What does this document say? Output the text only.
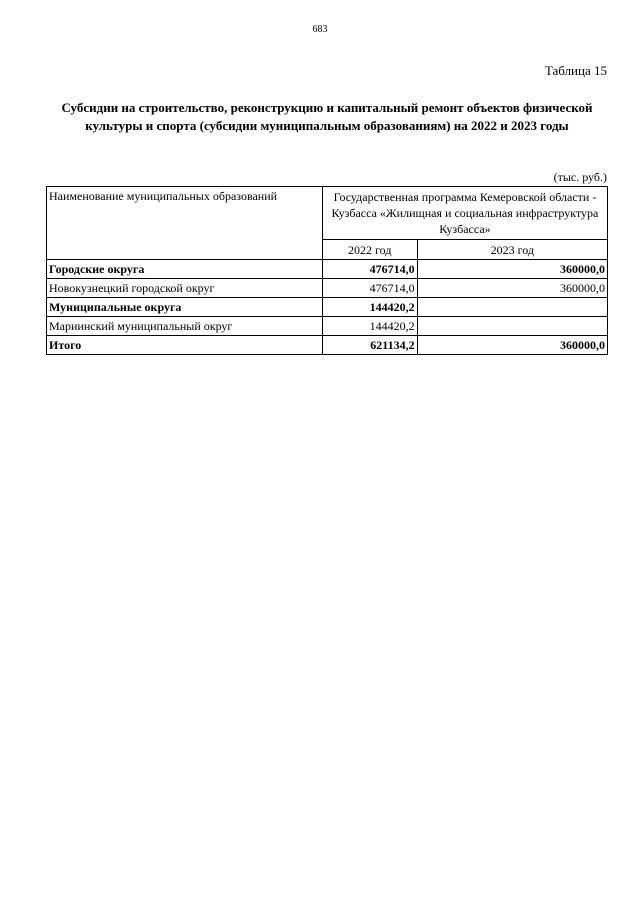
683
Таблица 15
Субсидии на строительство, реконструкцию и капитальный ремонт объектов физической культуры и спорта (субсидии муниципальным образованиям) на 2022 и 2023 годы
(тыс. руб.)
Наименование муниципальных образований	Государственная программа Кемеровской области - Кузбасса «Жилищная и социальная инфраструктура Кузбасса»	
	2022 год	2023 год
Городские округа	476714,0	360000,0
Новокузнецкий городской округ	476714,0	360000,0
Муниципальные округа	144420,2	
Мариинский муниципальный округ	144420,2	
Итого	621134,2	360000,0
